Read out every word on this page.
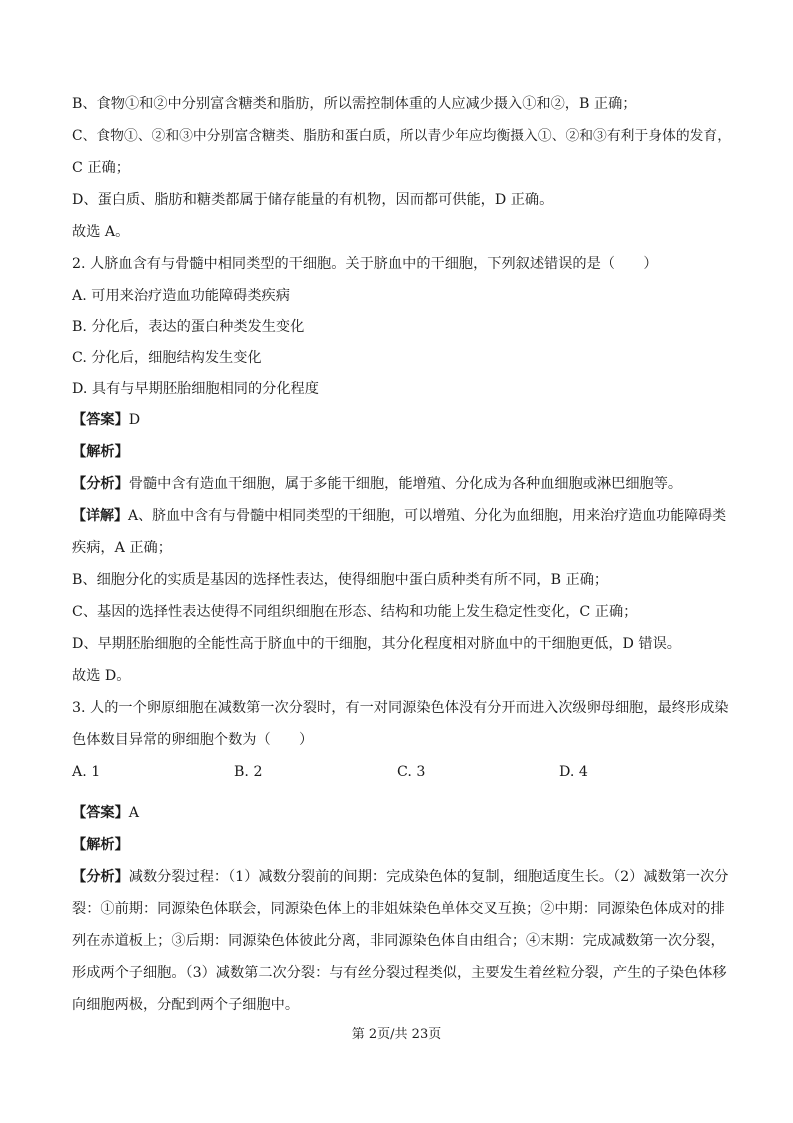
B、食物①和②中分别富含糖类和脂肪，所以需控制体重的人应减少摄入①和②，B 正确；
C、食物①、②和③中分别富含糖类、脂肪和蛋白质，所以青少年应均衡摄入①、②和③有利于身体的发育，
C 正确；
D、蛋白质、脂肪和糖类都属于储存能量的有机物，因而都可供能，D 正确。
故选 A。
2. 人脐血含有与骨髓中相同类型的干细胞。关于脐血中的干细胞，下列叙述错误的是（　　）
A. 可用来治疗造血功能障碍类疾病
B. 分化后，表达的蛋白种类发生变化
C. 分化后，细胞结构发生变化
D. 具有与早期胚胎细胞相同的分化程度
【答案】D
【解析】
【分析】骨髓中含有造血干细胞，属于多能干细胞，能增殖、分化成为各种血细胞或淋巴细胞等。
【详解】A、脐血中含有与骨髓中相同类型的干细胞，可以增殖、分化为血细胞，用来治疗造血功能障碍类
疾病，A 正确；
B、细胞分化的实质是基因的选择性表达，使得细胞中蛋白质种类有所不同，B 正确；
C、基因的选择性表达使得不同组织细胞在形态、结构和功能上发生稳定性变化，C 正确；
D、早期胚胎细胞的全能性高于脐血中的干细胞，其分化程度相对脐血中的干细胞更低，D 错误。
故选 D。
3. 人的一个卵原细胞在减数第一次分裂时，有一对同源染色体没有分开而进入次级卵母细胞，最终形成染
色体数目异常的卵细胞个数为（　　）
A. 1	B. 2	C. 3	D. 4
【答案】A
【解析】
【分析】减数分裂过程：（1）减数分裂前的间期：完成染色体的复制，细胞适度生长。（2）减数第一次分
裂：①前期：同源染色体联会，同源染色体上的非姐妹染色单体交叉互换；②中期：同源染色体成对的排
列在赤道板上；③后期：同源染色体彼此分离，非同源染色体自由组合；④末期：完成减数第一次分裂，
形成两个子细胞。（3）减数第二次分裂：与有丝分裂过程类似，主要发生着丝粒分裂，产生的子染色体移
向细胞两极，分配到两个子细胞中。
第 2页/共 23页
